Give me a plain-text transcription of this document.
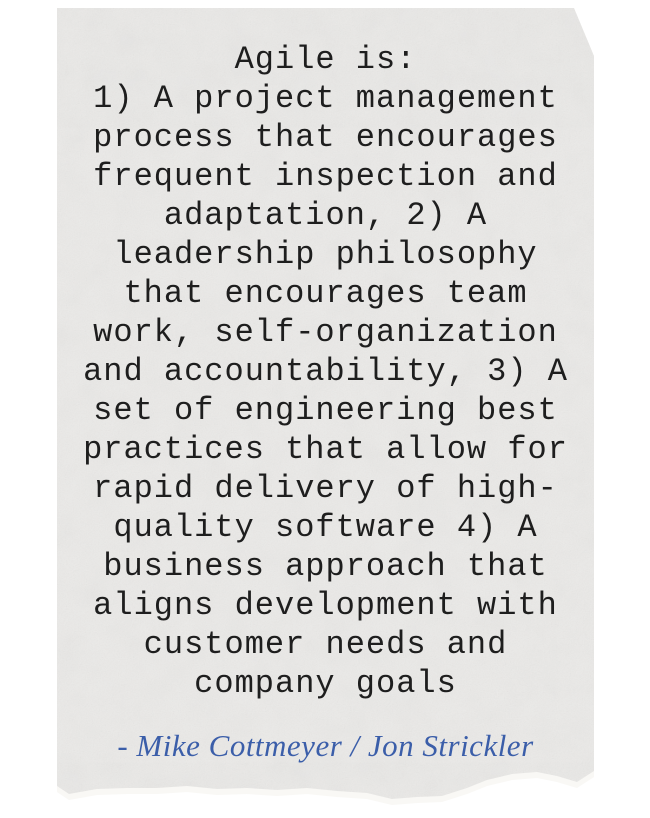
Agile is:
1) A project management
process that encourages
frequent inspection and
adaptation, 2) A
leadership philosophy
that encourages team
work, self-organization
and accountability, 3) A
set of engineering best
practices that allow for
rapid delivery of high-
quality software 4) A
business approach that
aligns development with
customer needs and
company goals
- Mike Cottmeyer / Jon Strickler
